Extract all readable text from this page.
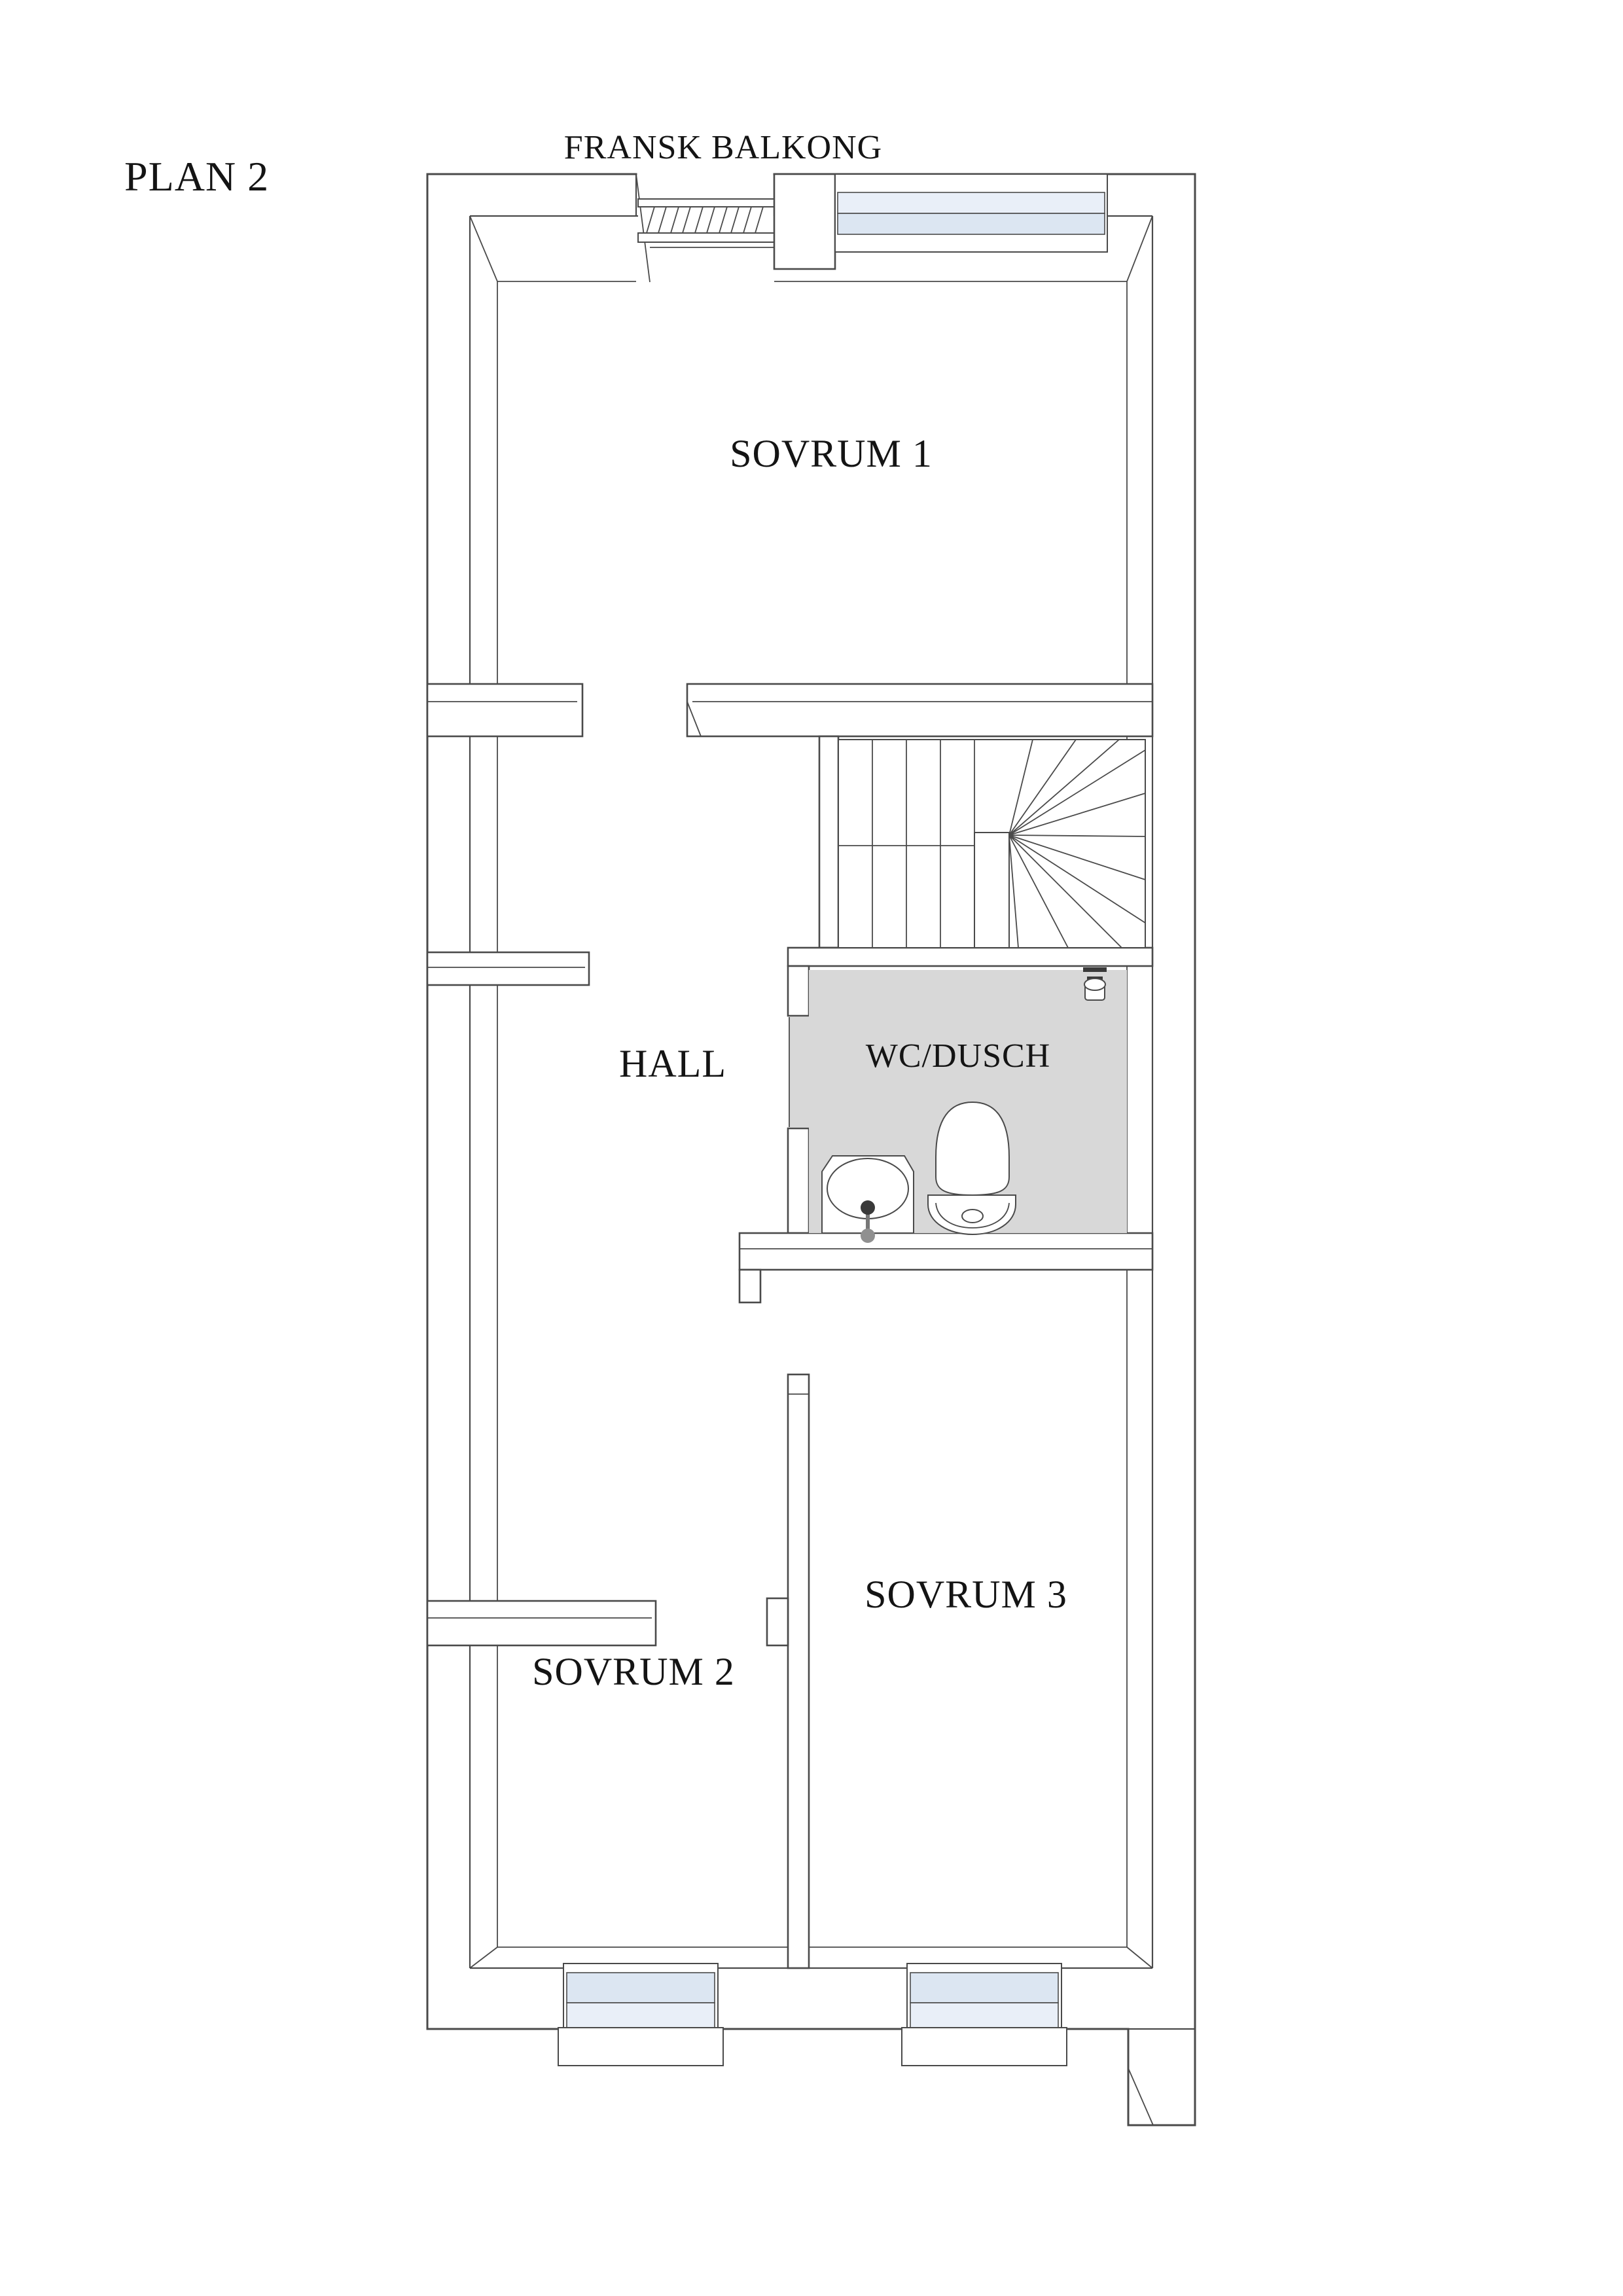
PLAN 2
FRANSK BALKONG
SOVRUM 1
HALL	WC/DUSCH
SOVRUM 2
SOVRUM 3
